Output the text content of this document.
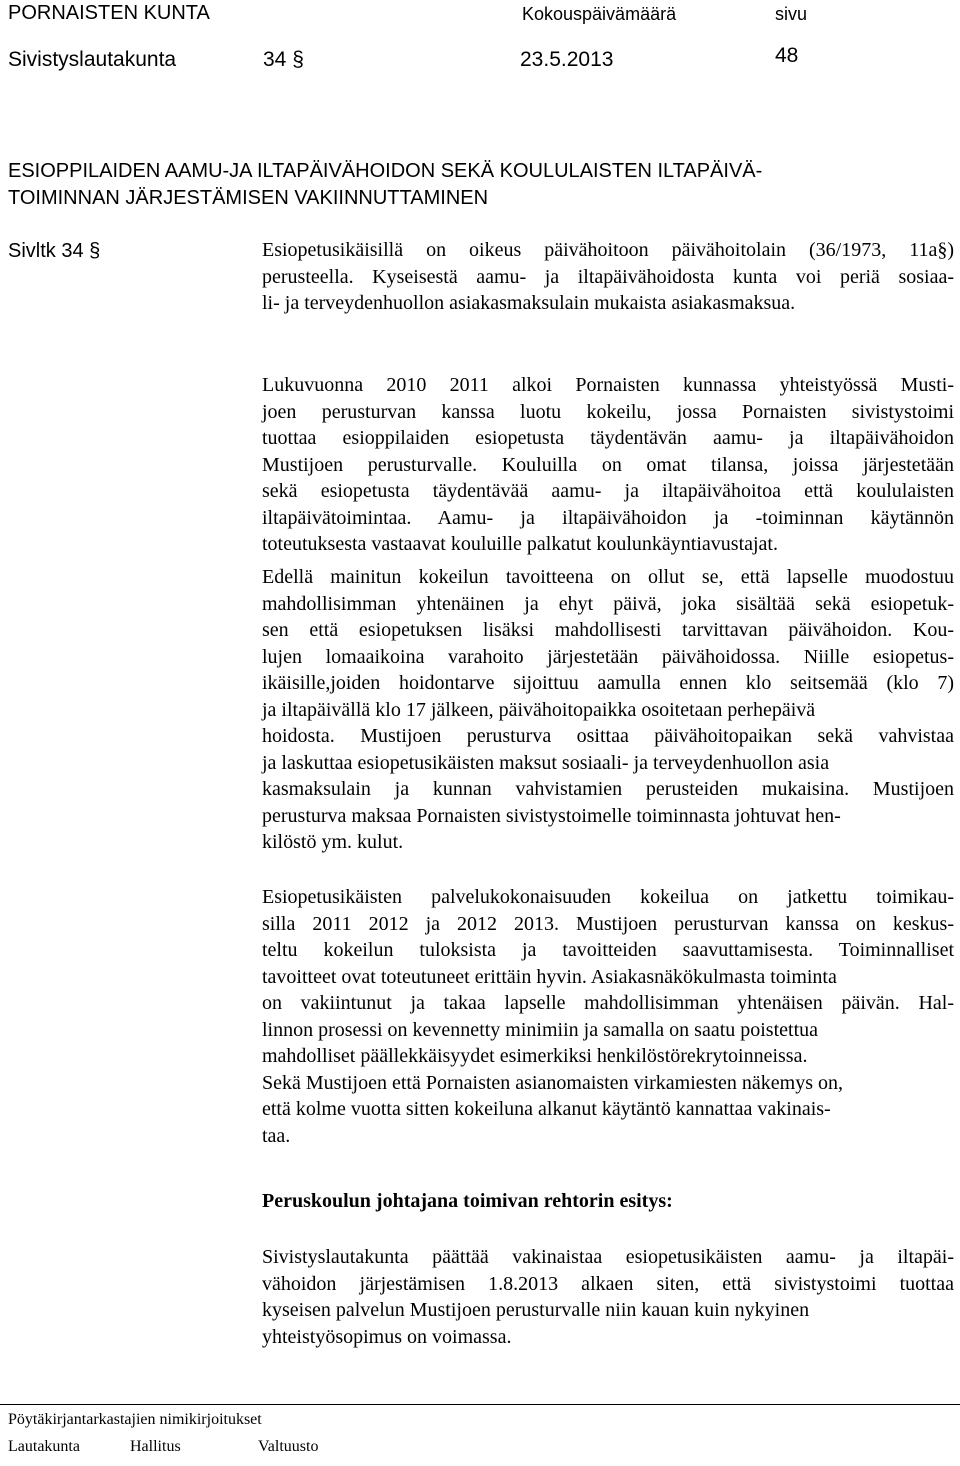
PORNAISTEN KUNTA	Kokouspäivämäärä	sivu
Sivistyslautakunta	34 §	23.5.2013	48
ESIOPPILAIDEN AAMU-JA ILTAPÄIVÄHOIDON SEKÄ KOULULAISTEN ILTAPÄIVÄ-
TOIMINNAN JÄRJESTÄMISEN VAKIINNUTTAMINEN
Sivltk 34 §	Esiopetusikäisillä on oikeus päivähoitoon päivähoitolain (36/1973, 11a§)
perusteella. Kyseisestä aamu- ja iltapäivähoidosta kunta voi periä sosiaa-
li- ja terveydenhuollon asiakasmaksulain mukaista asiakasmaksua.
Lukuvuonna 2010 2011 alkoi Pornaisten kunnassa yhteistyössä Musti-
joen perusturvan kanssa luotu kokeilu, jossa Pornaisten sivistystoimi
tuottaa esioppilaiden esiopetusta täydentävän aamu- ja iltapäivähoidon
Mustijoen perusturvalle. Kouluilla on omat tilansa, joissa järjestetään
sekä esiopetusta täydentävää aamu- ja iltapäivähoitoa että koululaisten
iltapäivätoimintaa. Aamu- ja iltapäivähoidon ja -toiminnan käytännön
toteutuksesta vastaavat kouluille palkatut koulunkäyntiavustajat.
Edellä mainitun kokeilun tavoitteena on ollut se, että lapselle muodostuu
mahdollisimman yhtenäinen ja ehyt päivä, joka sisältää sekä esiopetuk-
sen että esiopetuksen lisäksi mahdollisesti tarvittavan päivähoidon. Kou-
lujen lomaaikoina varahoito järjestetään päivähoidossa. Niille esiopetus-
ikäisille,joiden hoidontarve sijoittuu aamulla ennen klo seitsemää (klo 7)
ja iltapäivällä klo 17 jälkeen, päivähoitopaikka osoitetaan perhepäivä
hoidosta. Mustijoen perusturva osittaa päivähoitopaikan sekä vahvistaa
ja laskuttaa esiopetusikäisten maksut sosiaali- ja terveydenhuollon asia
kasmaksulain ja kunnan vahvistamien perusteiden mukaisina. Mustijoen
perusturva maksaa Pornaisten sivistystoimelle toiminnasta johtuvat hen-
kilöstö ym. kulut.
Esiopetusikäisten palvelukokonaisuuden kokeilua on jatkettu toimikau-
silla 2011 2012 ja 2012 2013. Mustijoen perusturvan kanssa on keskus-
teltu kokeilun tuloksista ja tavoitteiden saavuttamisesta. Toiminnalliset
tavoitteet ovat toteutuneet erittäin hyvin. Asiakasnäkökulmasta toiminta
on vakiintunut ja takaa lapselle mahdollisimman yhtenäisen päivän. Hal-
linnon prosessi on kevennetty minimiin ja samalla on saatu poistettua
mahdolliset päällekkäisyydet esimerkiksi henkilöstörekrytoinneissa.
Sekä Mustijoen että Pornaisten asianomaisten virkamiesten näkemys on,
että kolme vuotta sitten kokeiluna alkanut käytäntö kannattaa vakinais-
taa.
Peruskoulun johtajana toimivan rehtorin esitys:
Sivistyslautakunta päättää vakinaistaa esiopetusikäisten aamu- ja iltapäi-
vähoidon järjestämisen 1.8.2013 alkaen siten, että sivistystoimi tuottaa
kyseisen palvelun Mustijoen perusturvalle niin kauan kuin nykyinen
yhteistyösopimus on voimassa.
Pöytäkirjantarkastajien nimikirjoitukset
Lautakunta	Hallitus	Valtuusto
